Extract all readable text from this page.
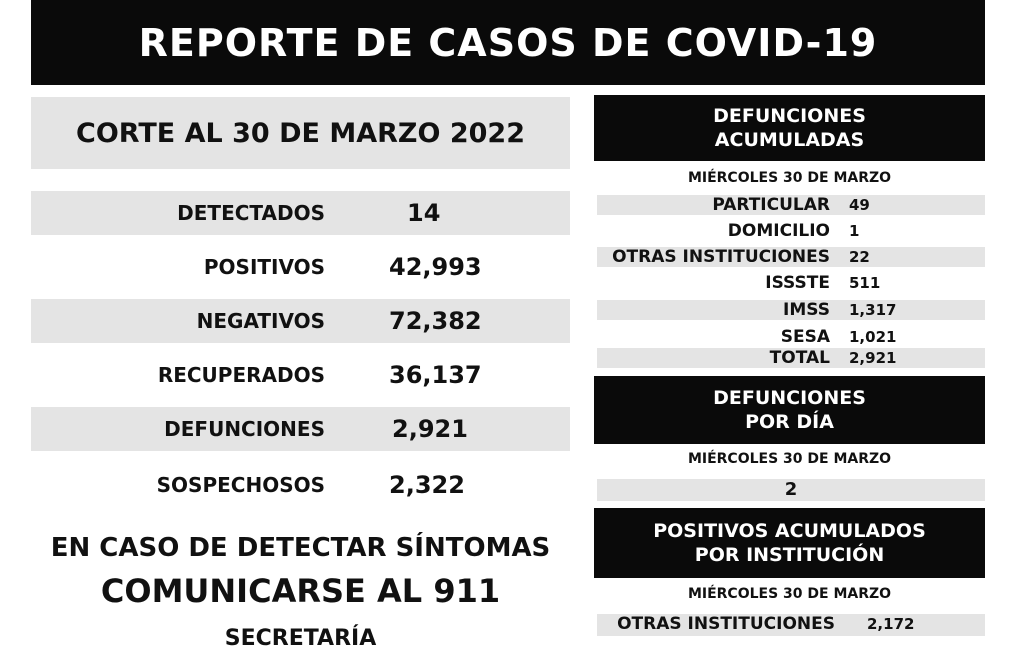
REPORTE DE CASOS DE COVID-19
CORTE AL 30 DE MARZO 2022
DETECTADOS	14
POSITIVOS	42,993
NEGATIVOS	72,382
RECUPERADOS	36,137
DEFUNCIONES	2,921
SOSPECHOSOS	2,322
EN CASO DE DETECTAR SÍNTOMAS
COMUNICARSE AL 911
SECRETARÍA
DEFUNCIONES
ACUMULADAS
MIÉRCOLES 30 DE MARZO
PARTICULAR 49
DOMICILIO 1
OTRAS INSTITUCIONES 22
ISSSTE 511
IMSS 1,317
SESA 1,021
TOTAL 2,921
DEFUNCIONES
POR DÍA
MIÉRCOLES 30 DE MARZO
2
POSITIVOS ACUMULADOS
POR INSTITUCIÓN
MIÉRCOLES 30 DE MARZO
OTRAS INSTITUCIONES 2,172
